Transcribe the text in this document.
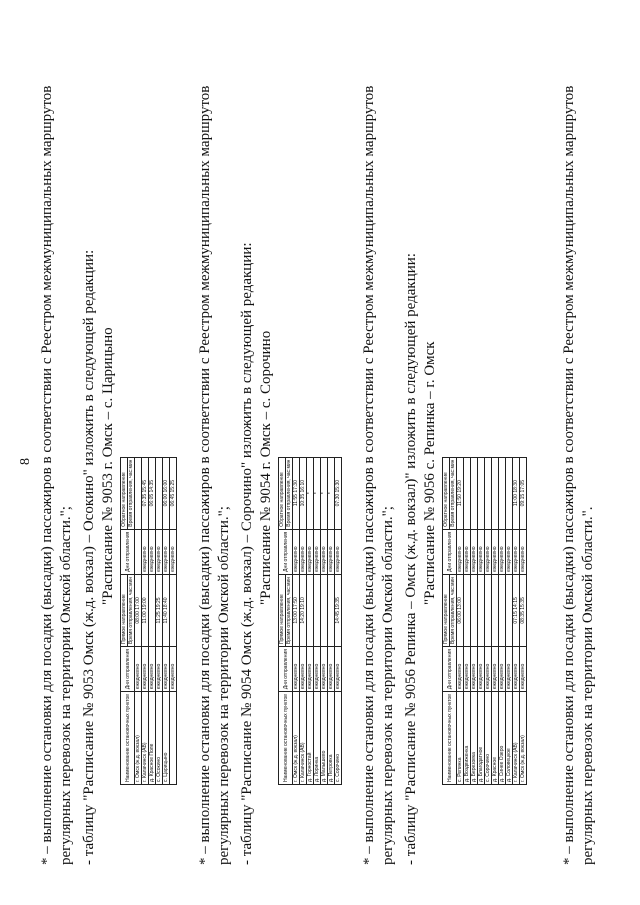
8 * – выполнение остановки для посадки (высадки) пассажиров в соответствии с Реестром межмуниципальных маршрутов регулярных перевозок на территории Омской области."; - таблицу "Расписание № 9053 Омск (ж.д. вокзал) – Осокино" изложить в следующей редакции: "Расписание № 9053 г. Омск – с. Царицыно
Наименование остановочных пунктов	Дни отправления	Прямое направление	Дни отправления	Обратное направление
		Время отправления, час:мин		Время отправления, час:мин
г. Омск (ж.д. вокзал)	ежедневно	08:00 17:00		
г. Калачинск (АВ)	ежедневно	11:00 19:00	ежедневно	07:35 15:45
д. Красное Поле	ежедневно		ежедневно	06:05 14:35
с. Осокино	ежедневно	11:25 19:25	ежедневно	
с. Царицыно	ежедневно	11:40 18:40	ежедневно	06:00 16:00
	ежедневно		ежедневно	06:45 15:25 * – выполнение остановки для посадки (высадки) пассажиров в соответствии с Реестром межмуниципальных маршрутов регулярных перевозок на территории Омской области."; - таблицу "Расписание № 9054 Омск (ж.д. вокзал) – Сорочино" изложить в следующей редакции: "Расписание № 9054 г. Омск – с. Сорочино
Наименование остановочных пунктов	Дни отправления	Прямое направление	Дни отправления	Обратное направление
		Время отправления, час:мин		Время отправления, час:мин
г. Омск (ж.д. вокзал)	ежедневно	13:00 17:50	ежедневно	11:55 17:30
г. Калачинск (АВ)	ежедневно	14:20 19:10	ежедневно	10:35 16:10
д. Горностай	ежедневно		ежедневно	*
д. Лоринка	ежедневно		ежедневно	*
д. Малышево	ежедневно		ежедневно	*
д. Петровка	ежедневно		ежедневно	*
с. Сорочино	ежедневно	14:45 19:35	ежедневно	07:30 15:30 * – выполнение остановки для посадки (высадки) пассажиров в соответствии с Реестром межмуниципальных маршрутов регулярных перевозок на территории Омской области."; - таблицу "Расписание № 9056 Репинка – Омск (ж.д. вокзал)" изложить в следующей редакции: "Расписание № 9056 с. Репинка – г. Омск
Наименование остановочных пунктов	Дни отправления	Прямое направление	Дни отправления	Обратное направление
		Время отправления, час:мин		Время отправления, час:мин
с. Репинка	ежедневно	06:00 13:00	ежедневно	11:50 19:20
д. Воздвиженка	ежедневно		ежедневно	
д. Березовка	ежедневно		ежедневно	
д. Благодатное	ежедневно		ежедневно	
с. Сорочино	ежедневно		ежедневно	
д. Красное	ежедневно		ежедневно	
д. Синее Озеро	ежедневно		ежедневно	
д. Соловецкое	ежедневно		ежедневно	
г. Калачинск (АВ)	ежедневно	07:15 14:15	ежедневно	11:00 18:30
г. Омск (ж.д. вокзал)	ежедневно	08:35 15:35	ежедневно	09:15 17:05 * – выполнение остановки для посадки (высадки) пассажиров в соответствии с Реестром межмуниципальных маршрутов регулярных перевозок на территории Омской области.".
